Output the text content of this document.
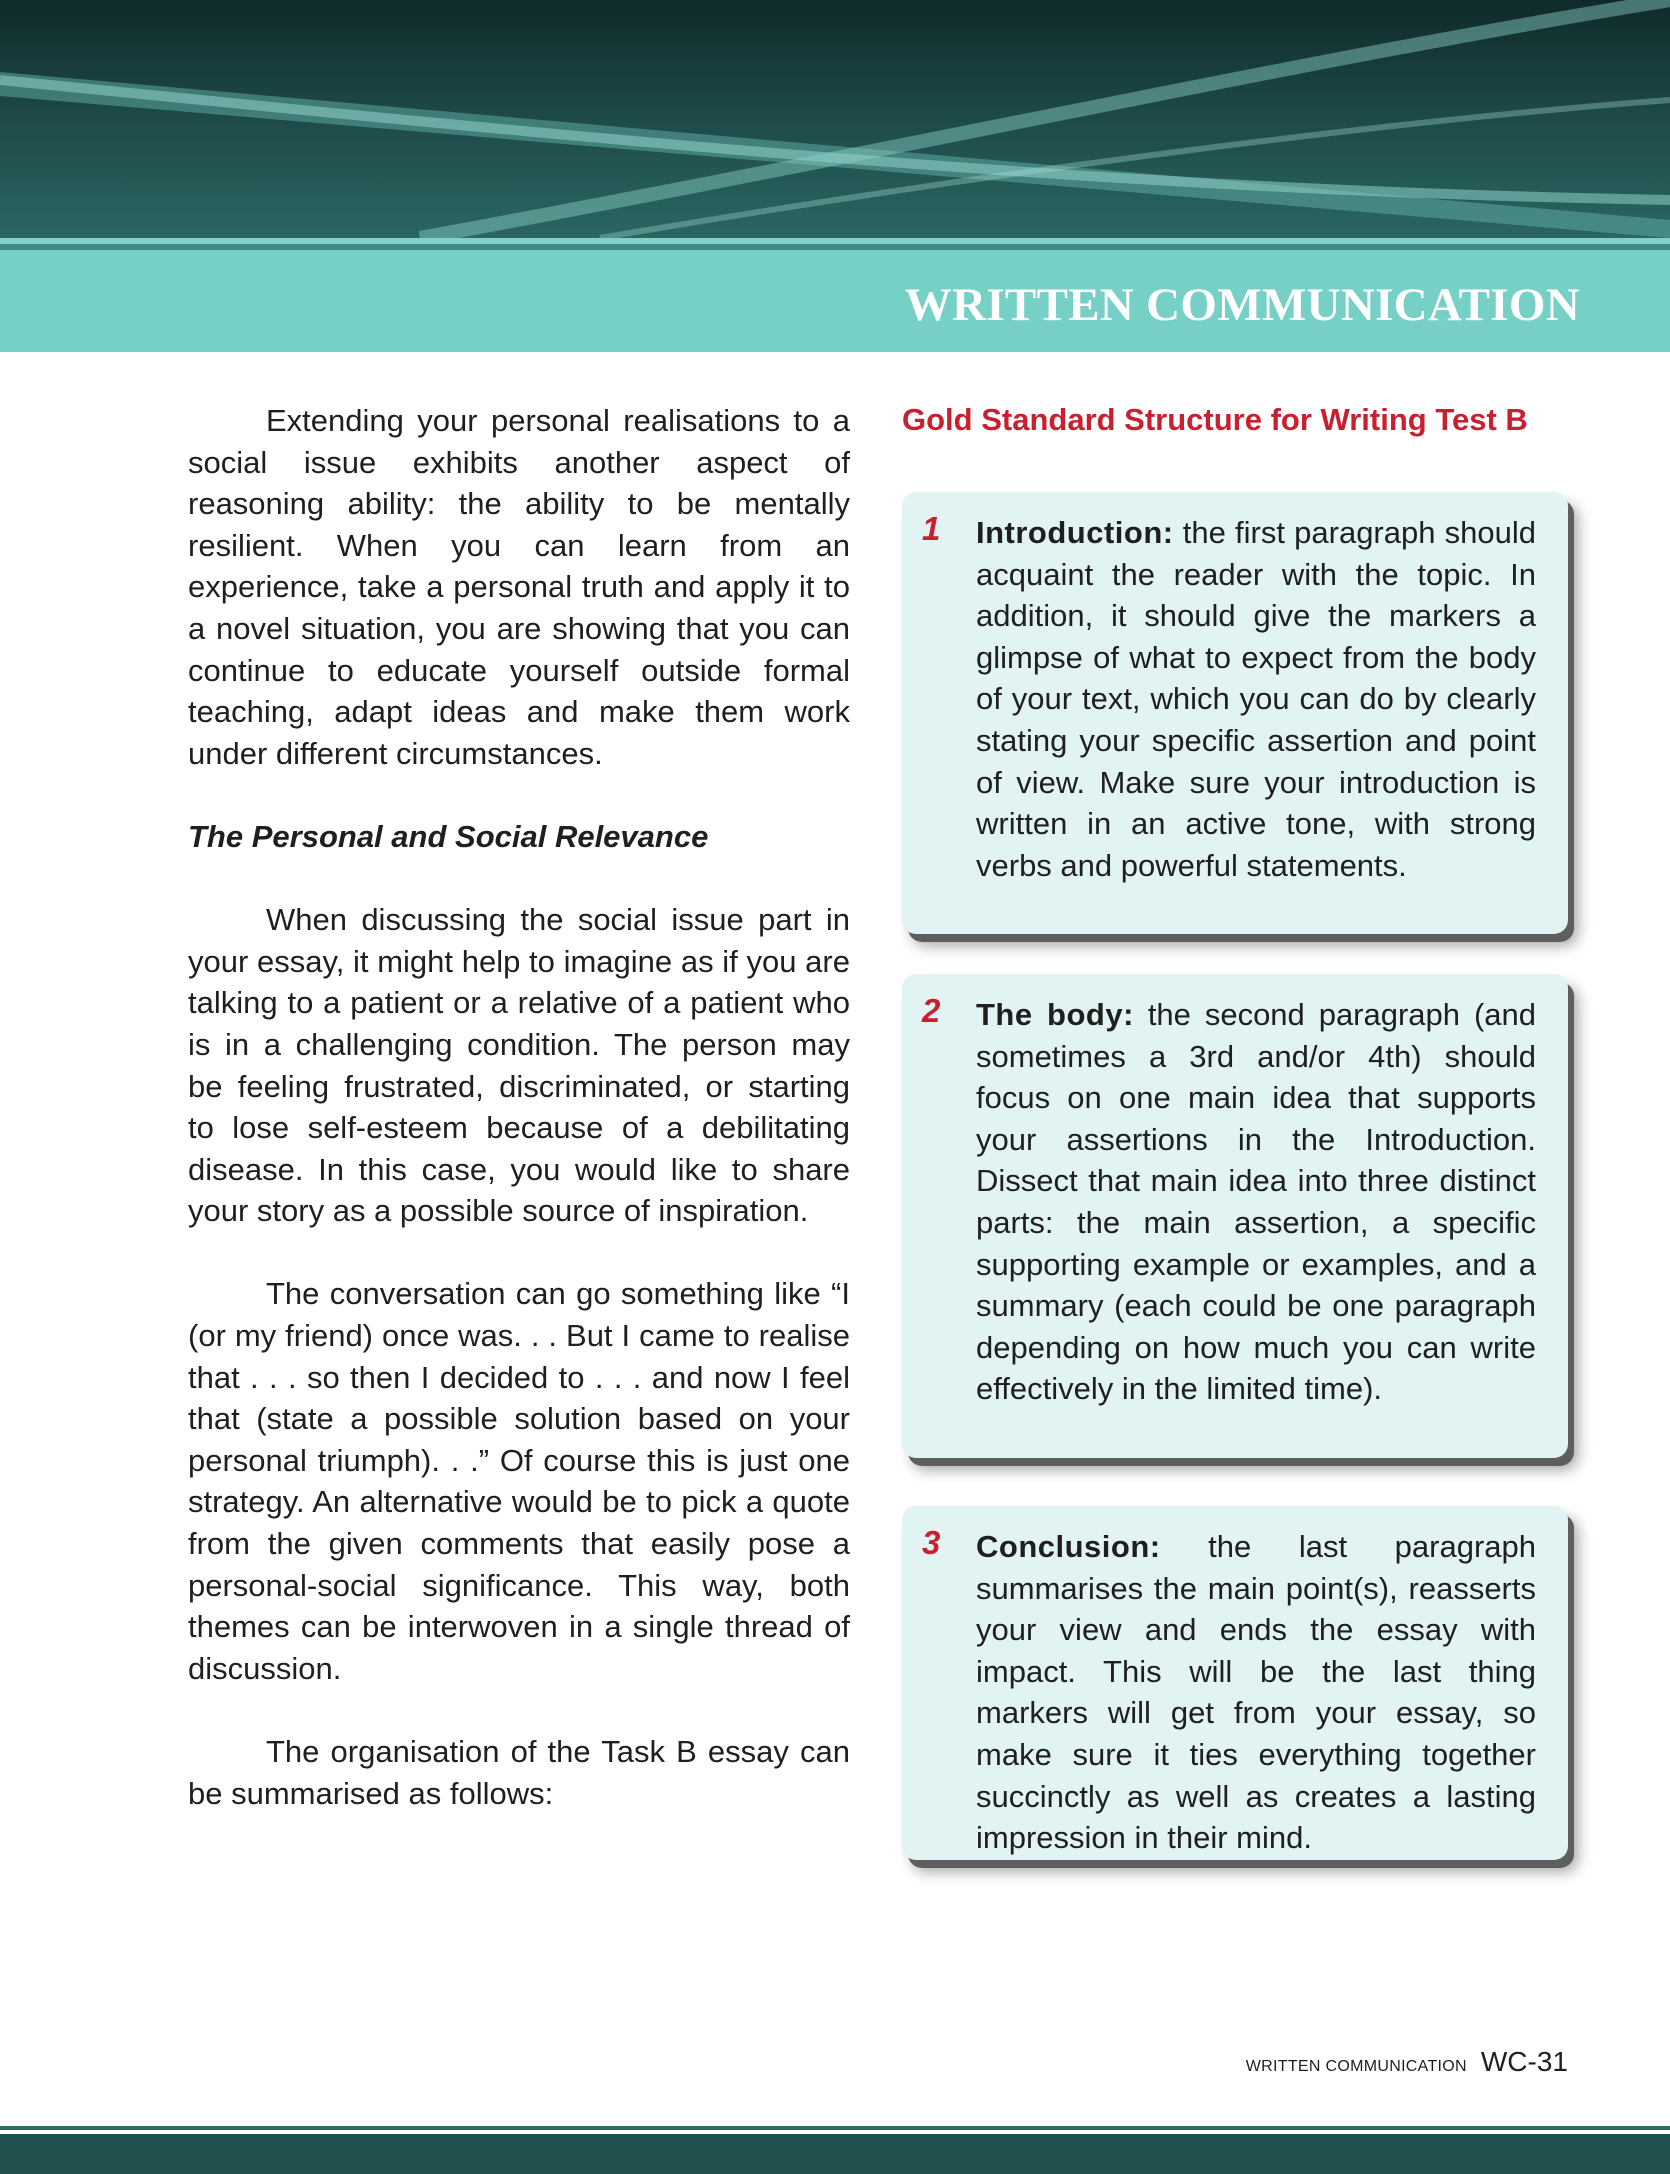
WRITTEN COMMUNICATION

Extending your personal realisations to a social issue exhibits another aspect of reasoning ability: the ability to be mentally resilient. When you can learn from an experience, take a personal truth and apply it to a novel situation, you are showing that you can continue to educate yourself outside formal teaching, adapt ideas and make them work under different circumstances.

The Personal and Social Relevance

When discussing the social issue part in your essay, it might help to imagine as if you are talking to a patient or a relative of a patient who is in a challenging condition. The person may be feeling frustrated, discriminated, or starting to lose self-esteem because of a debilitating disease. In this case, you would like to share your story as a possible source of inspiration.

The conversation can go something like “I (or my friend) once was. . . But I came to realise that . . . so then I decided to . . . and now I feel that (state a possible solution based on your personal triumph). . .” Of course this is just one strategy. An alternative would be to pick a quote from the given comments that easily pose a personal-social significance. This way, both themes can be interwoven in a single thread of discussion.

The organisation of the Task B essay can be summarised as follows:

Gold Standard Structure for Writing Test B
1 Introduction: the first paragraph should acquaint the reader with the topic. In addition, it should give the markers a glimpse of what to expect from the body of your text, which you can do by clearly stating your specific assertion and point of view. Make sure your introduction is written in an active tone, with strong verbs and powerful statements.

2 The body: the second paragraph (and sometimes a 3rd and/or 4th) should focus on one main idea that supports your assertions in the Introduction. Dissect that main idea into three distinct parts: the main assertion, a specific supporting example or examples, and a summary (each could be one paragraph depending on how much you can write effectively in the limited time).

3 Conclusion: the last paragraph summarises the main point(s), reasserts your view and ends the essay with impact. This will be the last thing markers will get from your essay, so make sure it ties everything together succinctly as well as creates a lasting impression in their mind.

WRITTEN COMMUNICATION WC-31
